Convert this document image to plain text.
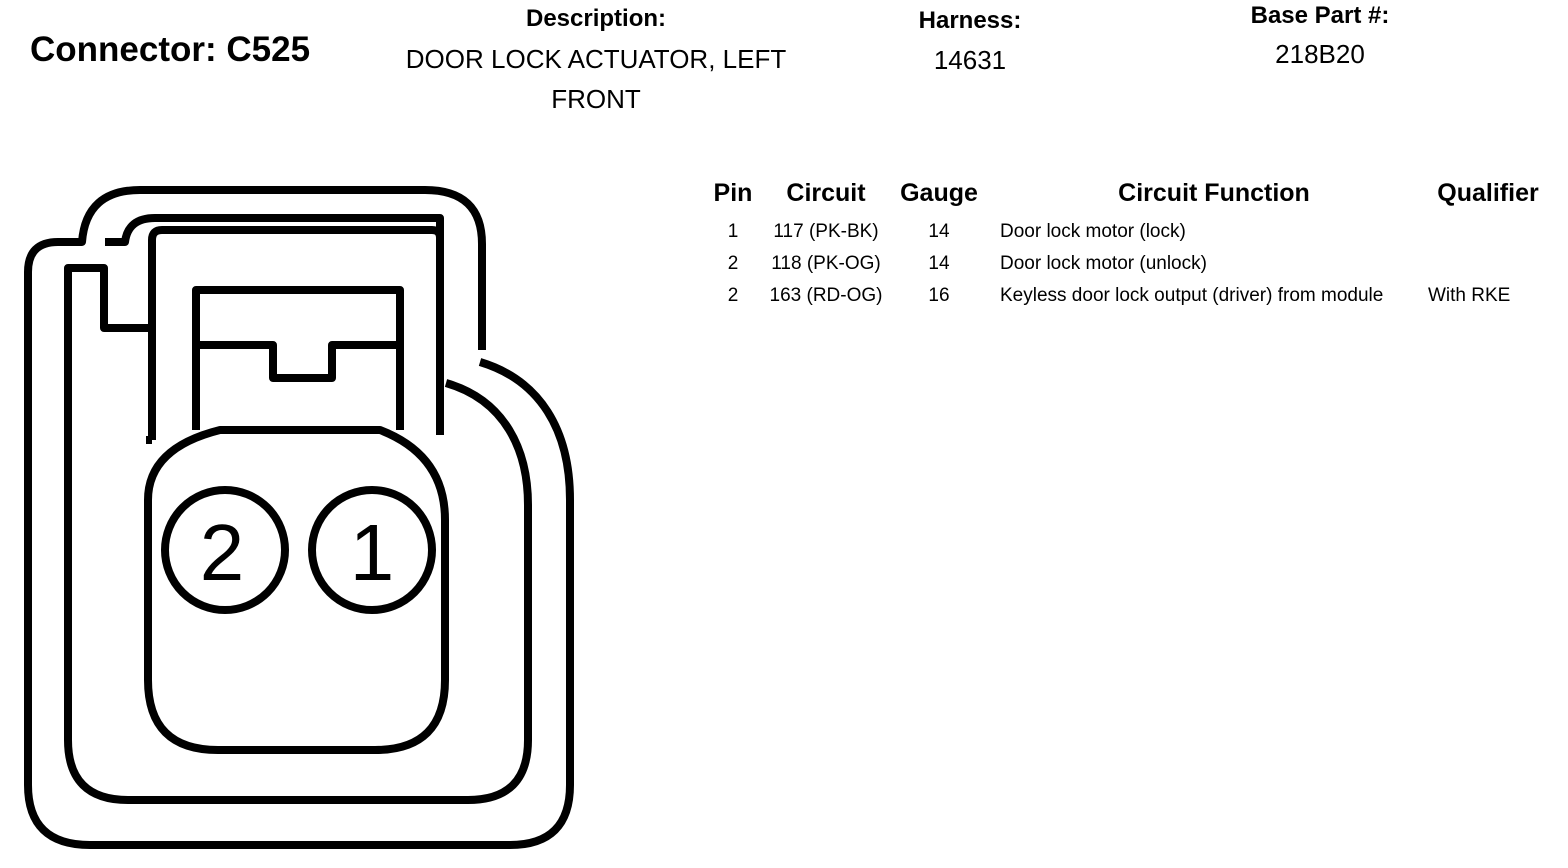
Connector: C525
Description:
DOOR LOCK ACTUATOR, LEFT
FRONT
Harness:
14631
Base Part #:
218B20
2 1
Pin	Circuit	Gauge	Circuit Function	Qualifier
1	117 (PK-BK)	14	Door lock motor (lock)	
2	118 (PK-OG)	14	Door lock motor (unlock)	
2	163 (RD-OG)	16	Keyless door lock output (driver) from module	With RKE
